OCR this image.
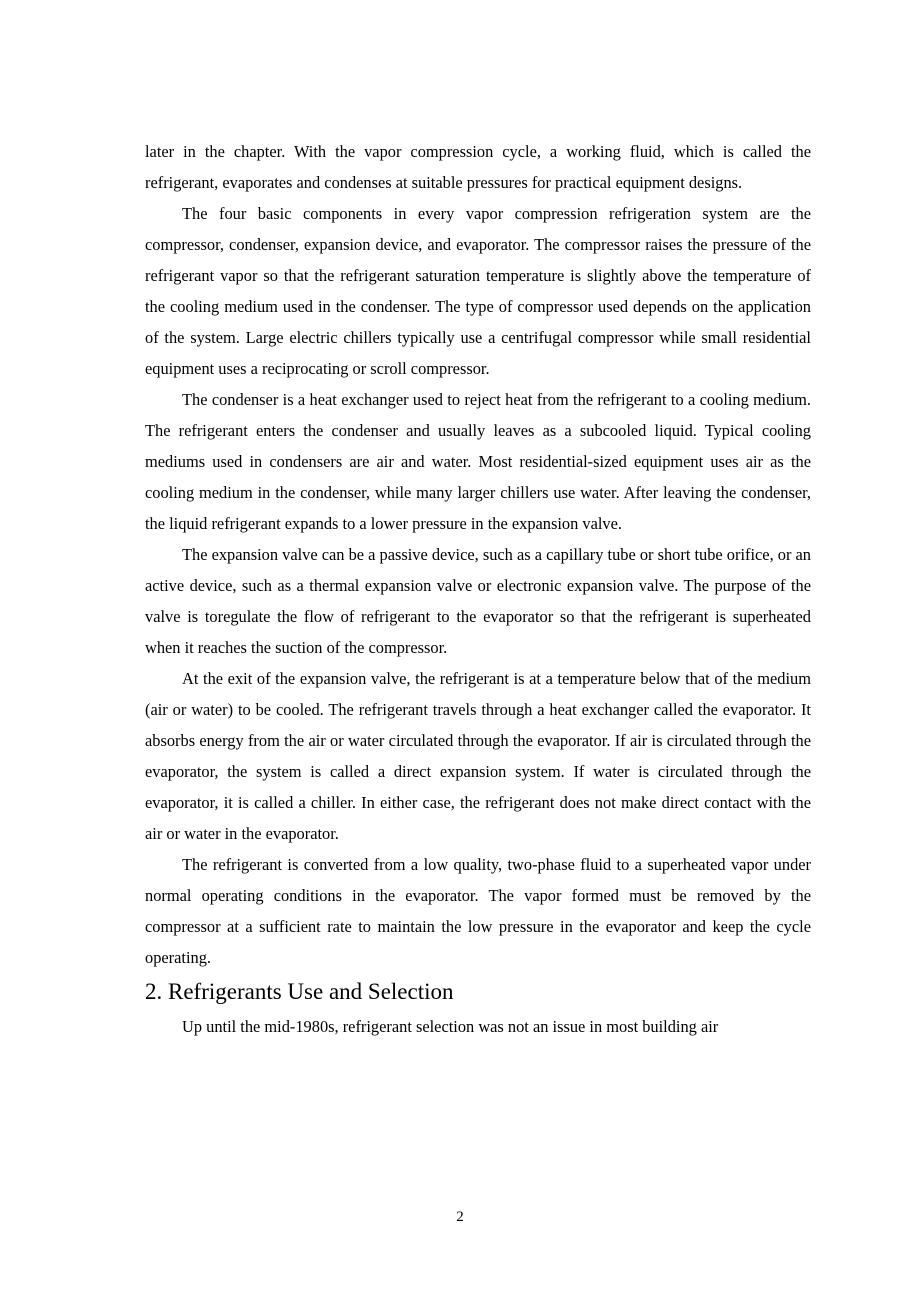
later in the chapter. With the vapor compression cycle, a working fluid, which is called the refrigerant, evaporates and condenses at suitable pressures for practical equipment designs.

The four basic components in every vapor compression refrigeration system are the compressor, condenser, expansion device, and evaporator. The compressor raises the pressure of the refrigerant vapor so that the refrigerant saturation temperature is slightly above the temperature of the cooling medium used in the condenser. The type of compressor used depends on the application of the system. Large electric chillers typically use a centrifugal compressor while small residential equipment uses a reciprocating or scroll compressor.

The condenser is a heat exchanger used to reject heat from the refrigerant to a cooling medium. The refrigerant enters the condenser and usually leaves as a subcooled liquid. Typical cooling mediums used in condensers are air and water. Most residential-sized equipment uses air as the cooling medium in the condenser, while many larger chillers use water. After leaving the condenser, the liquid refrigerant expands to a lower pressure in the expansion valve.

The expansion valve can be a passive device, such as a capillary tube or short tube orifice, or an active device, such as a thermal expansion valve or electronic expansion valve. The purpose of the valve is toregulate the flow of refrigerant to the evaporator so that the refrigerant is superheated when it reaches the suction of the compressor.

At the exit of the expansion valve, the refrigerant is at a temperature below that of the medium (air or water) to be cooled. The refrigerant travels through a heat exchanger called the evaporator. It absorbs energy from the air or water circulated through the evaporator. If air is circulated through the evaporator, the system is called a direct expansion system. If water is circulated through the evaporator, it is called a chiller. In either case, the refrigerant does not make direct contact with the air or water in the evaporator.

The refrigerant is converted from a low quality, two-phase fluid to a superheated vapor under normal operating conditions in the evaporator. The vapor formed must be removed by the compressor at a sufficient rate to maintain the low pressure in the evaporator and keep the cycle operating.

2. Refrigerants Use and Selection

Up until the mid-1980s, refrigerant selection was not an issue in most building air

2
